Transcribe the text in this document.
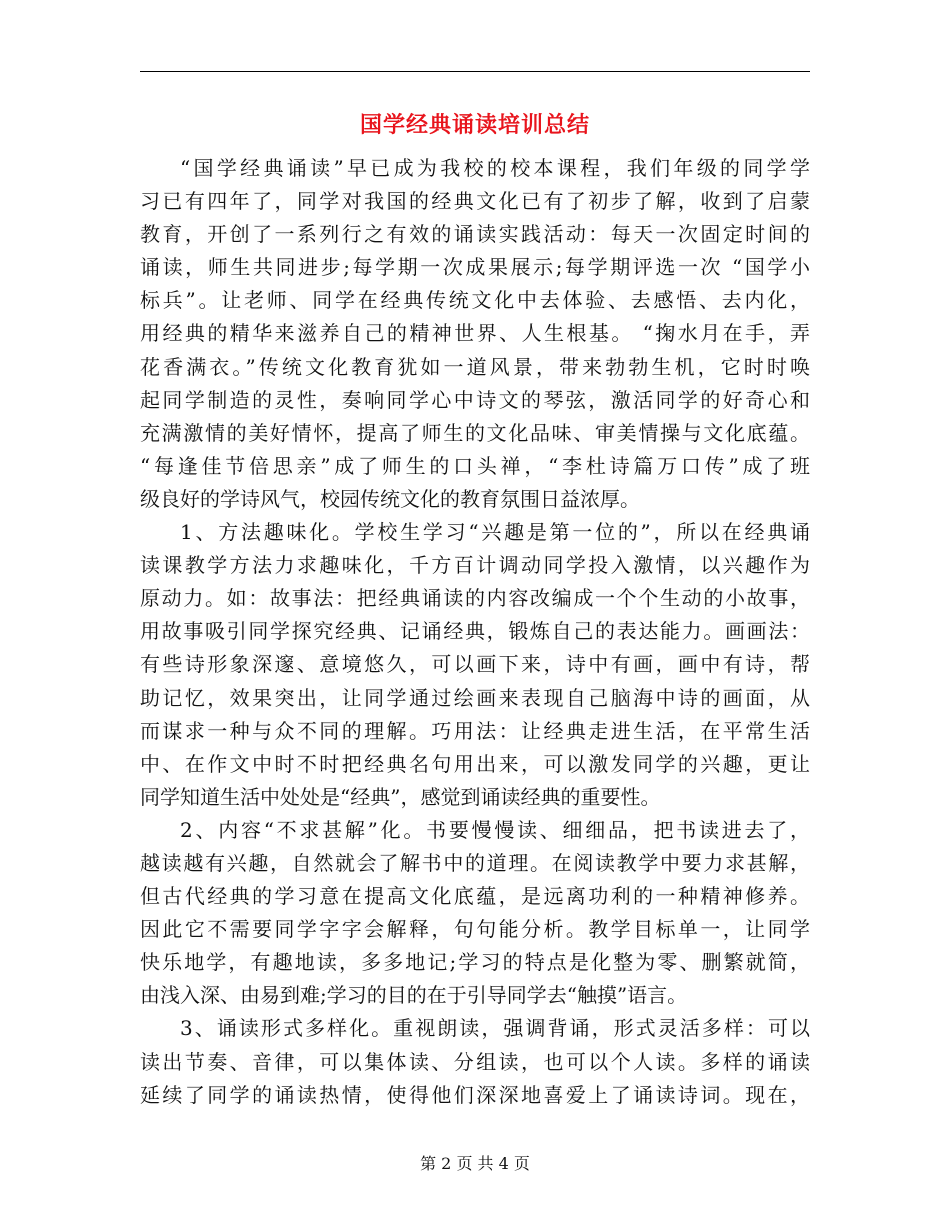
国学经典诵读培训总结
“国学经典诵读”早已成为我校的校本课程，我们年级的同学学
习已有四年了，同学对我国的经典文化已有了初步了解，收到了启蒙
教育，开创了一系列行之有效的诵读实践活动：每天一次固定时间的
诵读，师生共同进步;每学期一次成果展示;每学期评选一次 “国学小
标兵”。让老师、同学在经典传统文化中去体验、去感悟、去内化，
用经典的精华来滋养自己的精神世界、人生根基。 “掬水月在手，弄
花香满衣。”传统文化教育犹如一道风景，带来勃勃生机，它时时唤
起同学制造的灵性，奏响同学心中诗文的琴弦，激活同学的好奇心和
充满激情的美好情怀，提高了师生的文化品味、审美情操与文化底蕴。
“每逢佳节倍思亲”成了师生的口头禅，“李杜诗篇万口传”成了班
级良好的学诗风气，校园传统文化的教育氛围日益浓厚。
1、方法趣味化。学校生学习“兴趣是第一位的”，所以在经典诵
读课教学方法力求趣味化，千方百计调动同学投入激情，以兴趣作为
原动力。如：故事法：把经典诵读的内容改编成一个个生动的小故事，
用故事吸引同学探究经典、记诵经典，锻炼自己的表达能力。画画法：
有些诗形象深邃、意境悠久，可以画下来，诗中有画，画中有诗，帮
助记忆，效果突出，让同学通过绘画来表现自己脑海中诗的画面，从
而谋求一种与众不同的理解。巧用法：让经典走进生活，在平常生活
中、在作文中时不时把经典名句用出来，可以激发同学的兴趣，更让
同学知道生活中处处是“经典”，感觉到诵读经典的重要性。
2、内容“不求甚解”化。书要慢慢读、细细品，把书读进去了，
越读越有兴趣，自然就会了解书中的道理。在阅读教学中要力求甚解，
但古代经典的学习意在提高文化底蕴，是远离功利的一种精神修养。
因此它不需要同学字字会解释，句句能分析。教学目标单一，让同学
快乐地学，有趣地读，多多地记;学习的特点是化整为零、删繁就简，
由浅入深、由易到难;学习的目的在于引导同学去“触摸”语言。
3、诵读形式多样化。重视朗读，强调背诵，形式灵活多样：可以
读出节奏、音律，可以集体读、分组读，也可以个人读。多样的诵读
延续了同学的诵读热情，使得他们深深地喜爱上了诵读诗词。现在，
第 2 页 共 4 页
